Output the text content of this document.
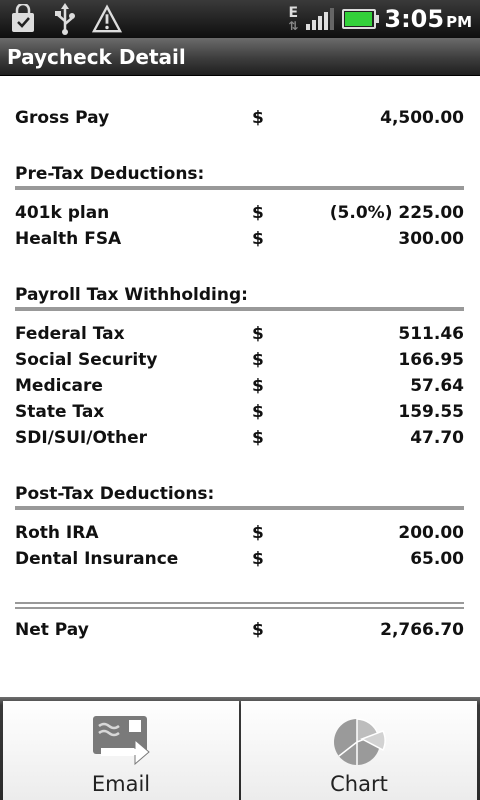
E
⇅	3:05 PM
Paycheck Detail
Gross Pay	$	4,500.00
Pre-Tax Deductions:
401k plan	$	(5.0%) 225.00
Health FSA	$	300.00
Payroll Tax Withholding:
Federal Tax	$	511.46
Social Security	$	166.95
Medicare	$	57.64
State Tax	$	159.55
SDI/SUI/Other	$	47.70
Post-Tax Deductions:
Roth IRA	$	200.00
Dental Insurance	$	65.00
Net Pay	$	2,766.70
Email	Chart
